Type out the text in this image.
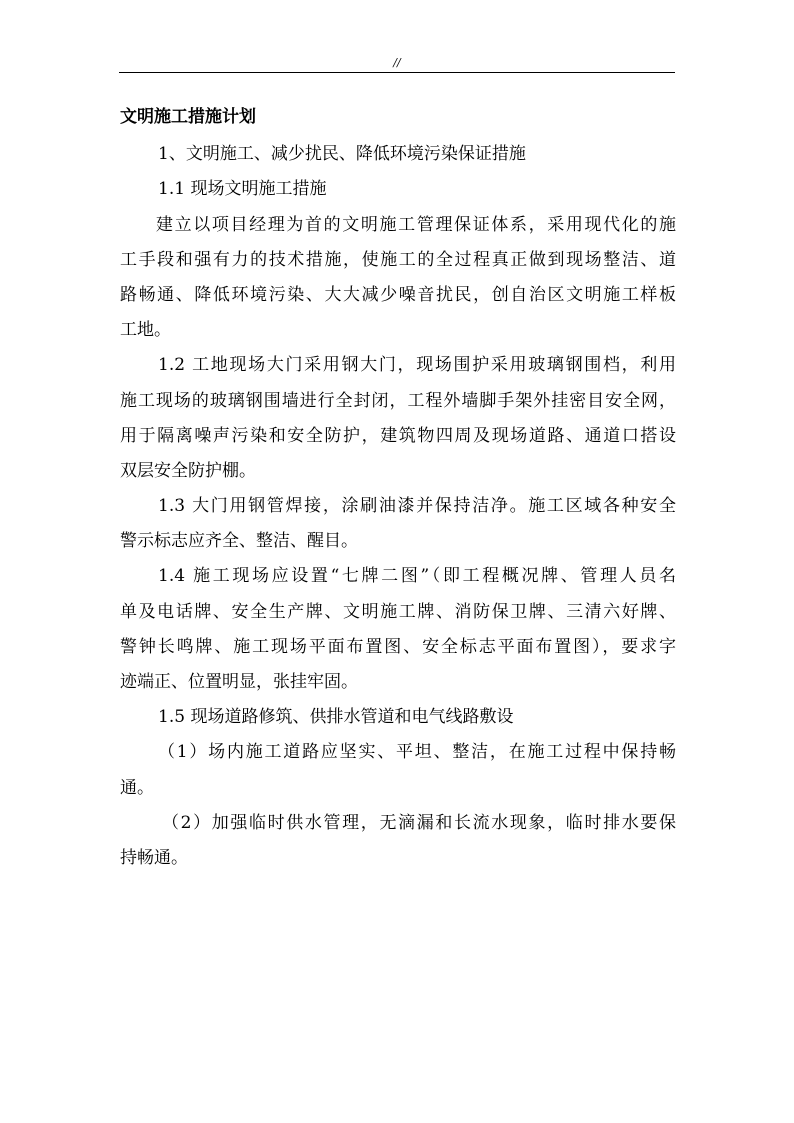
//
文明施工措施计划
1、文明施工、减少扰民、降低环境污染保证措施
1.1 现场文明施工措施
建立以项目经理为首的文明施工管理保证体系，采用现代化的施
工手段和强有力的技术措施，使施工的全过程真正做到现场整洁、道
路畅通、降低环境污染、大大减少噪音扰民，创自治区文明施工样板
工地。
1.2 工地现场大门采用钢大门，现场围护采用玻璃钢围档，利用
施工现场的玻璃钢围墙进行全封闭，工程外墙脚手架外挂密目安全网，
用于隔离噪声污染和安全防护，建筑物四周及现场道路、通道口搭设
双层安全防护棚。
1.3 大门用钢管焊接，涂刷油漆并保持洁净。施工区域各种安全
警示标志应齐全、整洁、醒目。
1.4 施工现场应设置“七牌二图”（即工程概况牌、管理人员名
单及电话牌、安全生产牌、文明施工牌、消防保卫牌、三清六好牌、
警钟长鸣牌、施工现场平面布置图、安全标志平面布置图），要求字
迹端正、位置明显，张挂牢固。
1.5 现场道路修筑、供排水管道和电气线路敷设
（1）场内施工道路应坚实、平坦、整洁，在施工过程中保持畅
通。
（2）加强临时供水管理，无滴漏和长流水现象，临时排水要保
持畅通。
